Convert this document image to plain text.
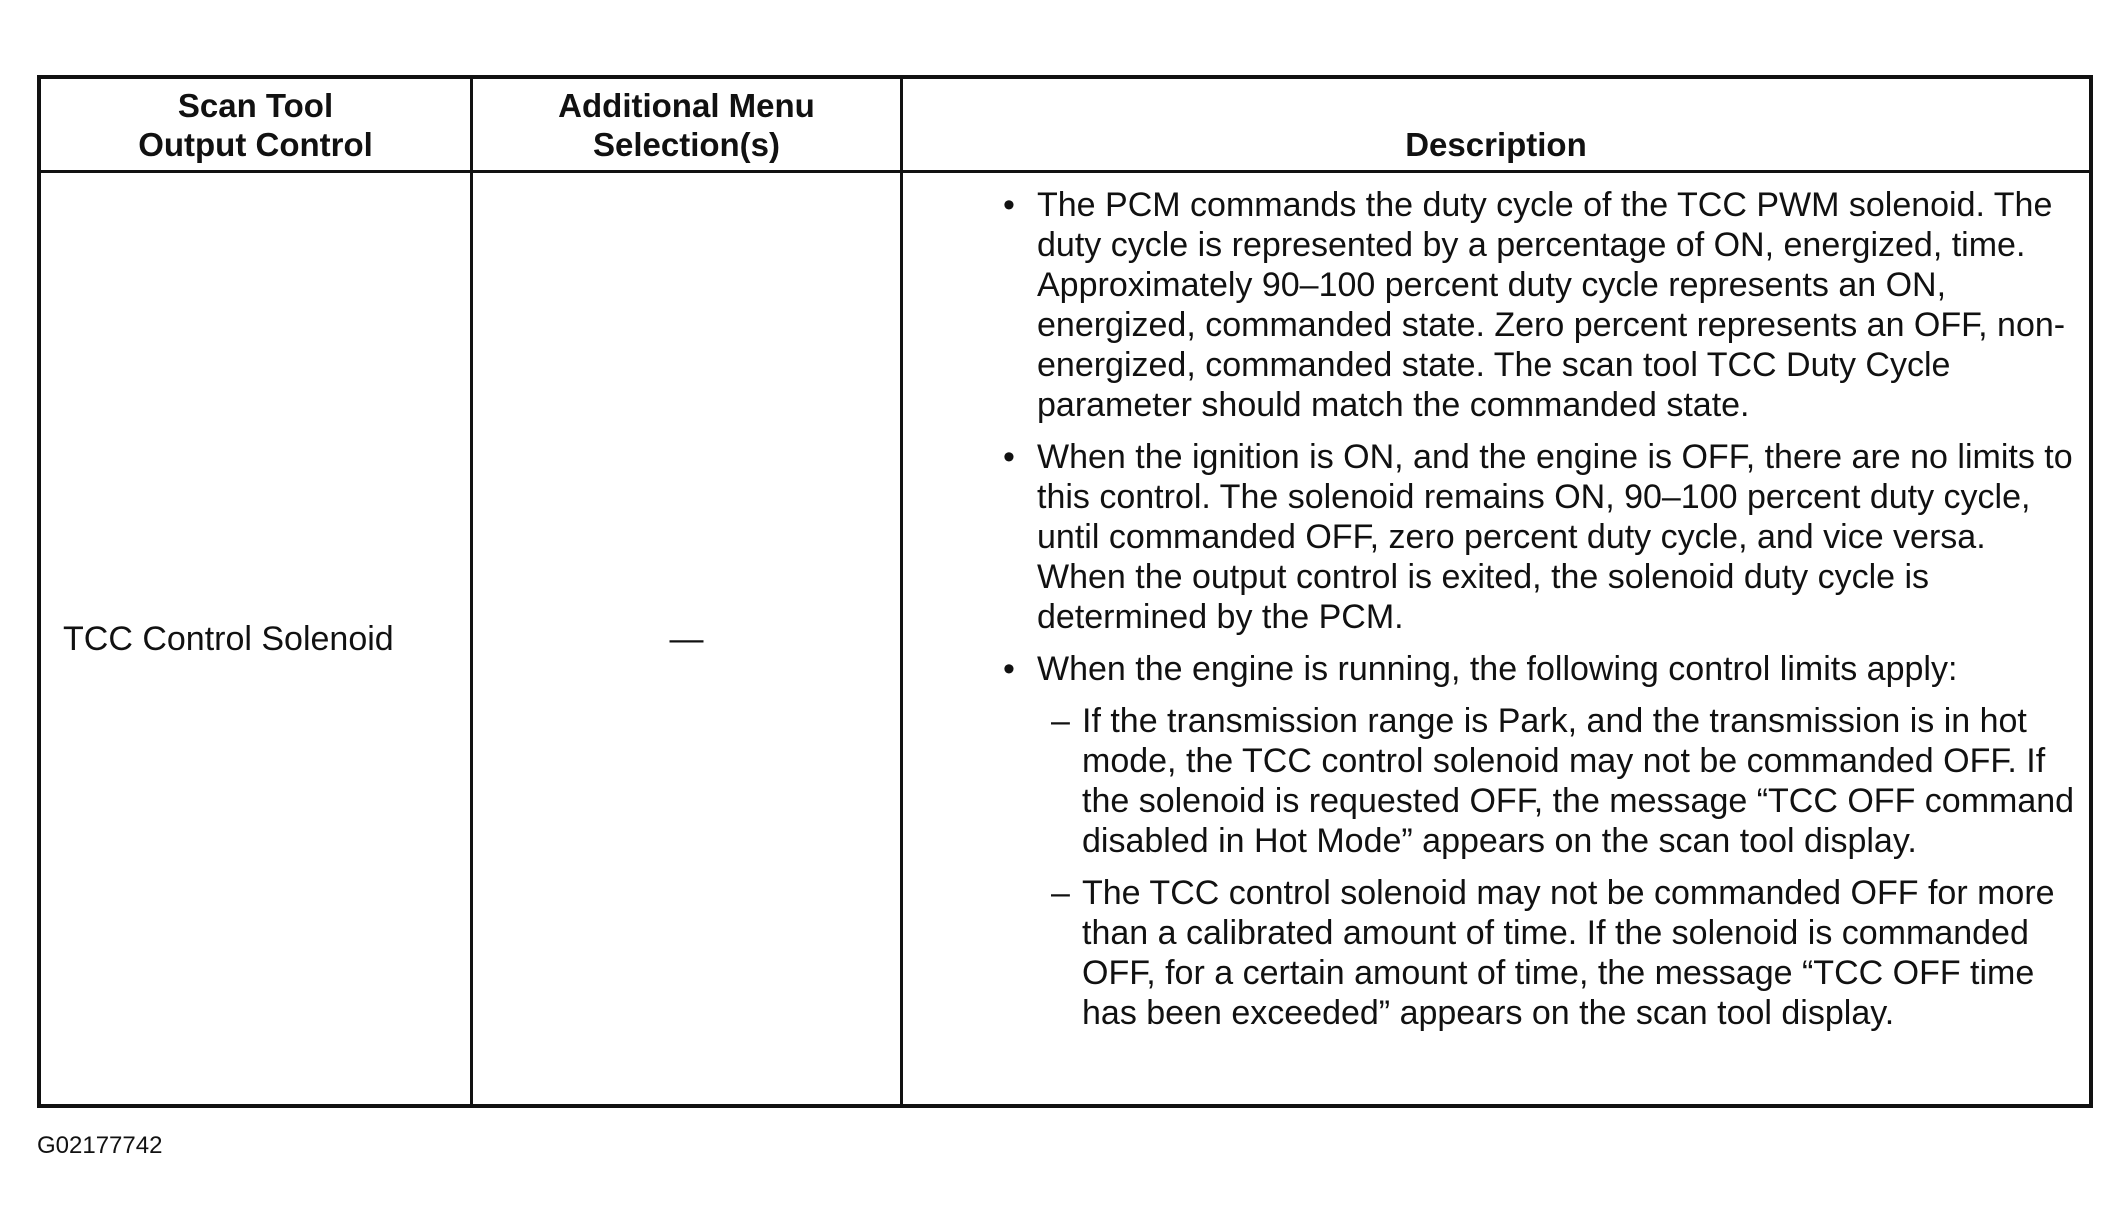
Scan Tool
Output Control
Additional Menu
Selection(s)	Description
TCC Control Solenoid	—
• The PCM commands the duty cycle of the TCC PWM solenoid. The duty cycle is represented by a percentage of ON, energized, time. Approximately 90–100 percent duty cycle represents an ON, energized, commanded state. Zero percent represents an OFF, non-energized, commanded state. The scan tool TCC Duty Cycle parameter should match the commanded state.
• When the ignition is ON, and the engine is OFF, there are no limits to this control. The solenoid remains ON, 90–100 percent duty cycle, until commanded OFF, zero percent duty cycle, and vice versa. When the output control is exited, the solenoid duty cycle is determined by the PCM.
• When the engine is running, the following control limits apply:
– If the transmission range is Park, and the transmission is in hot mode, the TCC control solenoid may not be commanded OFF. If the solenoid is requested OFF, the message “TCC OFF command disabled in Hot Mode” appears on the scan tool display.
– The TCC control solenoid may not be commanded OFF for more than a calibrated amount of time. If the solenoid is commanded OFF, for a certain amount of time, the message “TCC OFF time has been exceeded” appears on the scan tool display.
G02177742
